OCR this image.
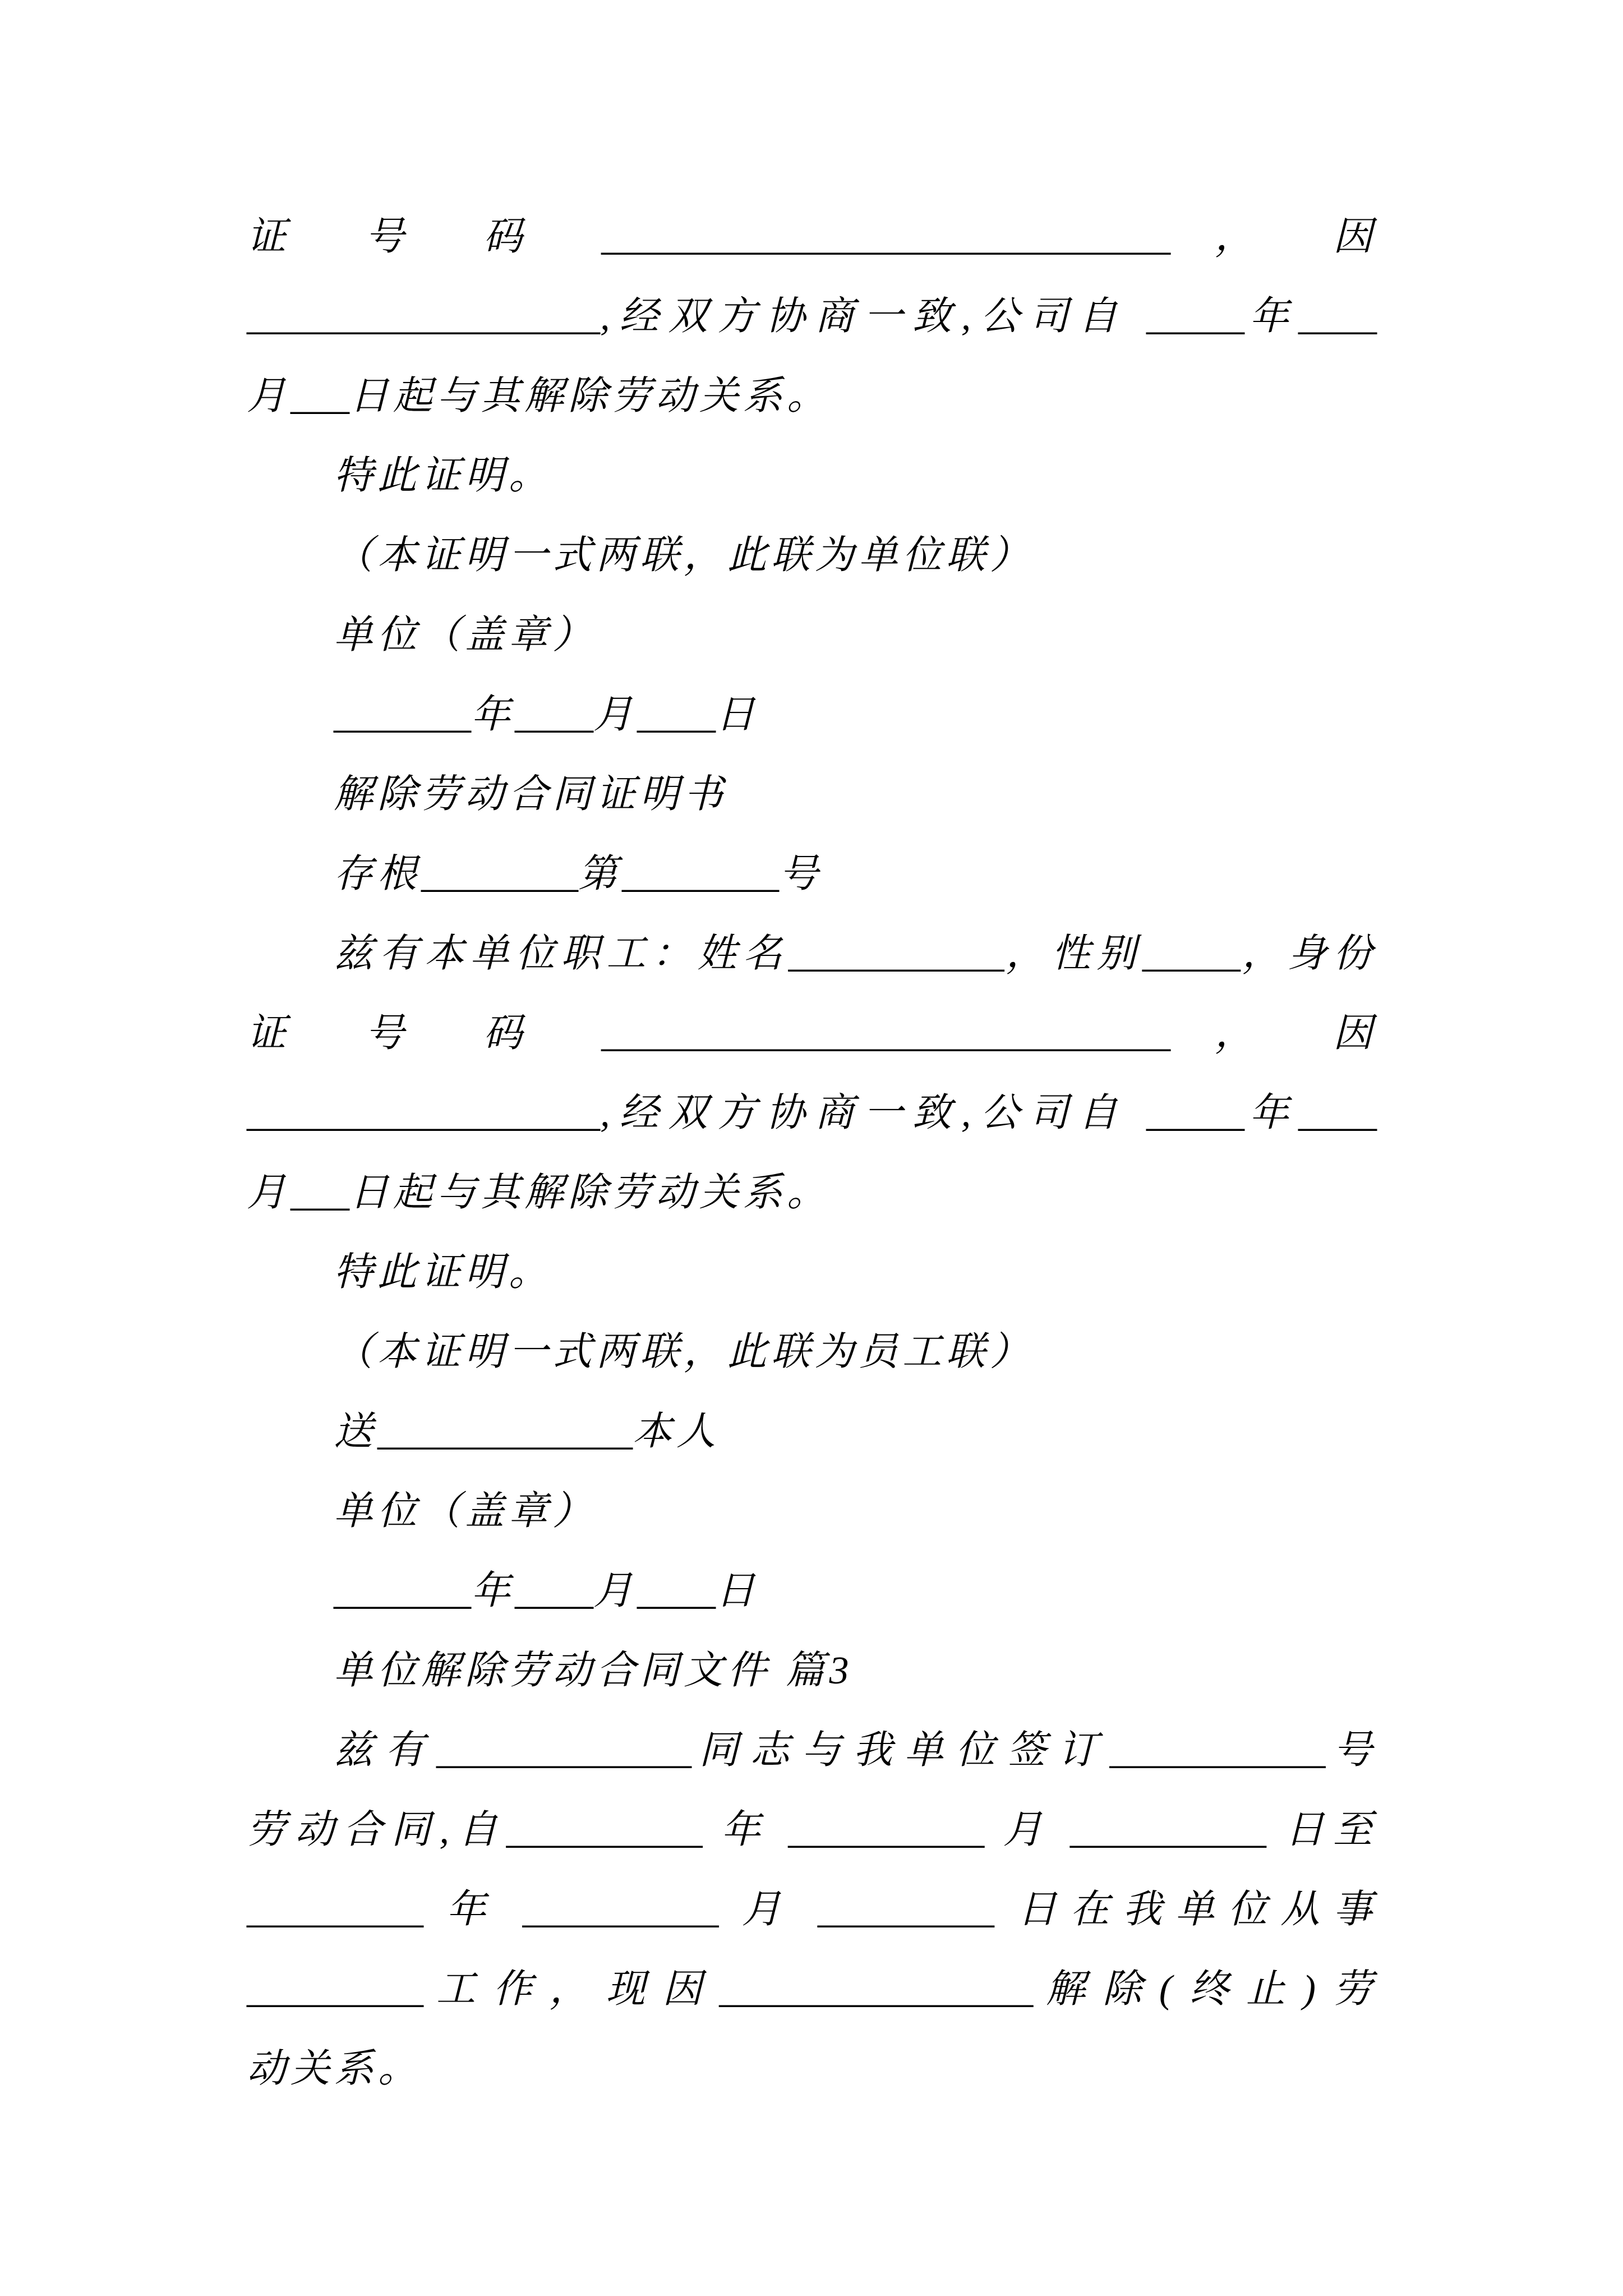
证 号 码 _____________________________ ， 因
__________________,经双方协商一致,公司自 _____年____
月___日起与其解除劳动关系。
特此证明。
（本证明一式两联，此联为单位联）
单位（盖章）
_______年____月____日
解除劳动合同证明书
存根________第________号
兹有本单位职工：姓名___________，性别_____，身份
证 号 码 _____________________________ ， 因
__________________,经双方协商一致,公司自 _____年____
月___日起与其解除劳动关系。
特此证明。
（本证明一式两联，此联为员工联）
送_____________本人
单位（盖章）
_______年____月____日
单位解除劳动合同文件 篇3
兹有_____________同志与我单位签订___________号
劳动合同,自__________ 年 __________ 月 __________ 日至
_________ 年 __________ 月 _________ 日在我单位从事
_________工作，现因________________解除(终止)劳
动关系。
